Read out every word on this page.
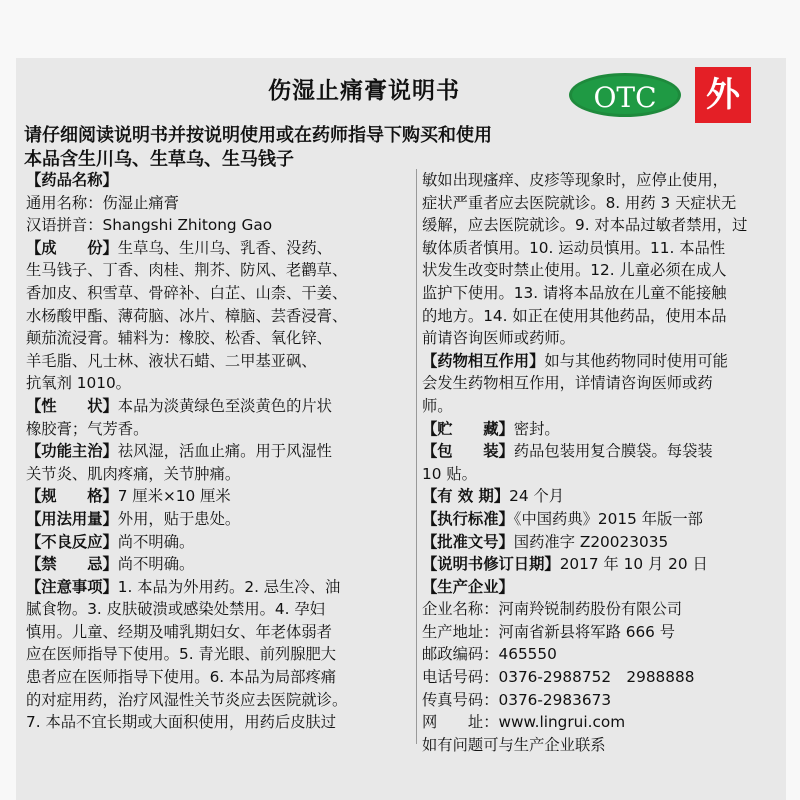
伤湿止痛膏说明书	OTC	外
请仔细阅读说明书并按说明使用或在药师指导下购买和使用
本品含生川乌、生草乌、生马钱子
【药品名称】
通用名称：伤湿止痛膏
汉语拼音：Shangshi Zhitong Gao
【成　　份】生草乌、生川乌、乳香、没药、
生马钱子、丁香、肉桂、荆芥、防风、老鹳草、
香加皮、积雪草、骨碎补、白芷、山柰、干姜、
水杨酸甲酯、薄荷脑、冰片、樟脑、芸香浸膏、
颠茄流浸膏。辅料为：橡胶、松香、氧化锌、
羊毛脂、凡士林、液状石蜡、二甲基亚砜、
抗氧剂 1010。
【性　　状】本品为淡黄绿色至淡黄色的片状
橡胶膏；气芳香。
【功能主治】祛风湿，活血止痛。用于风湿性
关节炎、肌肉疼痛，关节肿痛。
【规　　格】7 厘米×10 厘米
【用法用量】外用，贴于患处。
【不良反应】尚不明确。
【禁　　忌】尚不明确。
【注意事项】1. 本品为外用药。2. 忌生冷、油
腻食物。3. 皮肤破溃或感染处禁用。4. 孕妇
慎用。儿童、经期及哺乳期妇女、年老体弱者
应在医师指导下使用。5. 青光眼、前列腺肥大
患者应在医师指导下使用。6. 本品为局部疼痛
的对症用药，治疗风湿性关节炎应去医院就诊。
7. 本品不宜长期或大面积使用，用药后皮肤过
敏如出现瘙痒、皮疹等现象时，应停止使用，
症状严重者应去医院就诊。8. 用药 3 天症状无
缓解，应去医院就诊。9. 对本品过敏者禁用，过
敏体质者慎用。10. 运动员慎用。11. 本品性
状发生改变时禁止使用。12. 儿童必须在成人
监护下使用。13. 请将本品放在儿童不能接触
的地方。14. 如正在使用其他药品，使用本品
前请咨询医师或药师。
【药物相互作用】如与其他药物同时使用可能
会发生药物相互作用，详情请咨询医师或药
师。
【贮　　藏】密封。
【包　　装】药品包装用复合膜袋。每袋装
10 贴。
【有 效 期】24 个月
【执行标准】《中国药典》2015 年版一部
【批准文号】国药准字 Z20023035
【说明书修订日期】2017 年 10 月 20 日
【生产企业】
企业名称：河南羚锐制药股份有限公司
生产地址：河南省新县将军路 666 号
邮政编码：465550
电话号码：0376-2988752　2988888
传真号码：0376-2983673
网　　址：www.lingrui.com
如有问题可与生产企业联系
